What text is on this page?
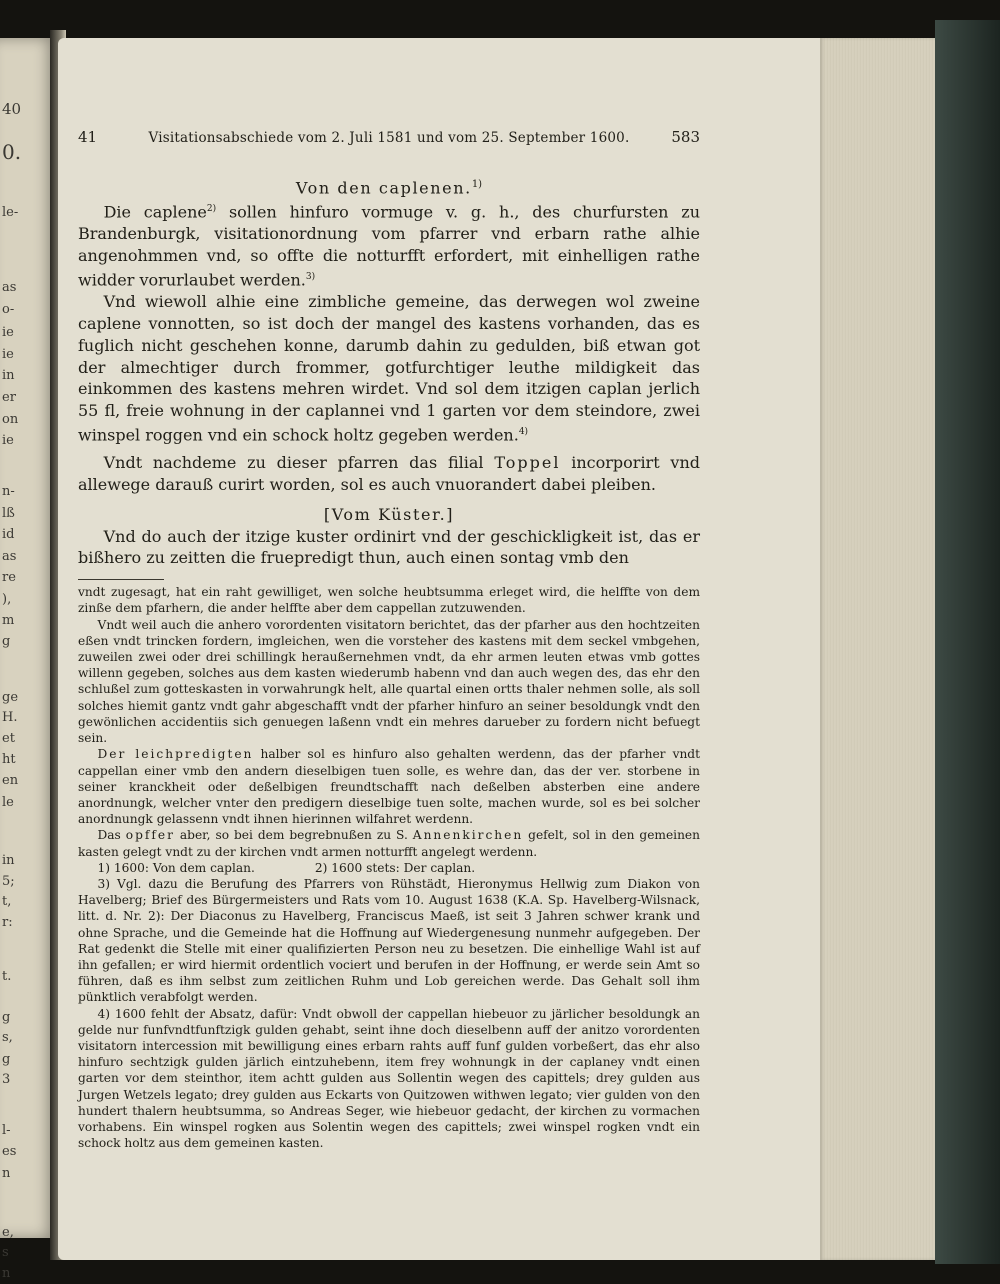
40
0.
le-
as
o-
ie
ie
in
er
on
ie
n-
lß
id
as
re
),
m
g
ge
H.
et
ht
en
le
in
5;
t,
r:
t.
g
s,
g
3
l-
es
n
e,
s
n
41	Visitationsabschiede vom 2. Juli 1581 und vom 25. September 1600.	583
Von den caplenen.$^{1)}$

Die caplene$^{2)}$ sollen hinfuro vormuge v. g. h., des churfursten zu Brandenburgk, visitationordnung vom pfarrer vnd erbarn rathe alhie angenohmmen vnd, so offte die notturfft erfordert, mit einhelligen rathe widder vorurlaubet werden.$^{3)}$

Vnd wiewoll alhie eine zimbliche gemeine, das derwegen wol zweine caplene vonnotten, so ist doch der mangel des kastens vorhanden, das es fuglich nicht geschehen konne, darumb dahin zu gedulden, biß etwan got der almechtiger durch frommer, gotfurchtiger leuthe mildigkeit das einkommen des kastens mehren wirdet. Vnd sol dem itzigen caplan jerlich 55 fl, freie wohnung in der caplannei vnd 1 garten vor dem steindore, zwei winspel roggen vnd ein schock holtz gegeben werden.$^{4)}$

Vndt nachdeme zu dieser pfarren das filial Toppel incorporirt vnd allewege darauß curirt worden, sol es auch vnuorandert dabei pleiben.

[Vom Küster.]

Vnd do auch der itzige kuster ordinirt vnd der geschickligkeit ist, das er bißhero zu zeitten die fruepredigt thun, auch einen sontag vmb den

vndt zugesagt, hat ein raht gewilliget, wen solche heubtsumma erleget wird, die helffte von dem zinße dem pfarhern, die ander helffte aber dem cappellan zutzuwenden.

Vndt weil auch die anhero vorordenten visitatorn berichtet, das der pfarher aus den hochtzeiten eßen vndt trincken fordern, imgleichen, wen die vorsteher des kastens mit dem seckel vmbgehen, zuweilen zwei oder drei schillingk heraußernehmen vndt, da ehr armen leuten etwas vmb gottes willenn gegeben, solches aus dem kasten wiederumb habenn vnd dan auch wegen des, das ehr den schlußel zum gotteskasten in vorwahrungk helt, alle quartal einen ortts thaler nehmen solle, als soll solches hiemit gantz vndt gahr abgeschafft vndt der pfarher hinfuro an seiner besoldungk vndt den gewönlichen accidentiis sich genuegen laßenn vndt ein mehres darueber zu fordern nicht befuegt sein.

Der leichpredigten halber sol es hinfuro also gehalten werdenn, das der pfarher vndt cappellan einer vmb den andern dieselbigen tuen solle, es wehre dan, das der ver. storbene in seiner kranckheit oder deßelbigen freundtschafft nach deßelben absterben eine andere anordnungk, welcher vnter den predigern dieselbige tuen solte, machen wurde, sol es bei solcher anordnungk gelassenn vndt ihnen hierinnen wilfahret werdenn.

Das opffer aber, so bei dem begrebnußen zu S. Annenkirchen gefelt, sol in den gemeinen kasten gelegt vndt zu der kirchen vndt armen notturfft angelegt werdenn.

1) 1600: Von dem caplan.	2) 1600 stets: Der caplan.

3) Vgl. dazu die Berufung des Pfarrers von Rühstädt, Hieronymus Hellwig zum Diakon von Havelberg; Brief des Bürgermeisters und Rats vom 10. August 1638 (K.A. Sp. Havelberg-Wilsnack, litt. d. Nr. 2): Der Diaconus zu Havelberg, Franciscus Maeß, ist seit 3 Jahren schwer krank und ohne Sprache, und die Gemeinde hat die Hoffnung auf Wiedergenesung nunmehr aufgegeben. Der Rat gedenkt die Stelle mit einer qualifizierten Person neu zu besetzen. Die einhellige Wahl ist auf ihn gefallen; er wird hiermit ordentlich vociert und berufen in der Hoffnung, er werde sein Amt so führen, daß es ihm selbst zum zeitlichen Ruhm und Lob gereichen werde. Das Gehalt soll ihm pünktlich verabfolgt werden.

4) 1600 fehlt der Absatz, dafür: Vndt obwoll der cappellan hiebeuor zu järlicher besoldungk an gelde nur funfvndtfunftzigk gulden gehabt, seint ihne doch dieselbenn auff der anitzo vorordenten visitatorn intercession mit bewilligung eines erbarn rahts auff funf gulden vorbeßert, das ehr also hinfuro sechtzigk gulden järlich eintzuhebenn, item frey wohnungk in der caplaney vndt einen garten vor dem steinthor, item achtt gulden aus Sollentin wegen des capittels; drey gulden aus Jurgen Wetzels legato; drey gulden aus Eckarts von Quitzowen withwen legato; vier gulden von den hundert thalern heubtsumma, so Andreas Seger, wie hiebeuor gedacht, der kirchen zu vormachen vorhabens. Ein winspel rogken aus Solentin wegen des capittels; zwei winspel rogken vndt ein schock holtz aus dem gemeinen kasten.
